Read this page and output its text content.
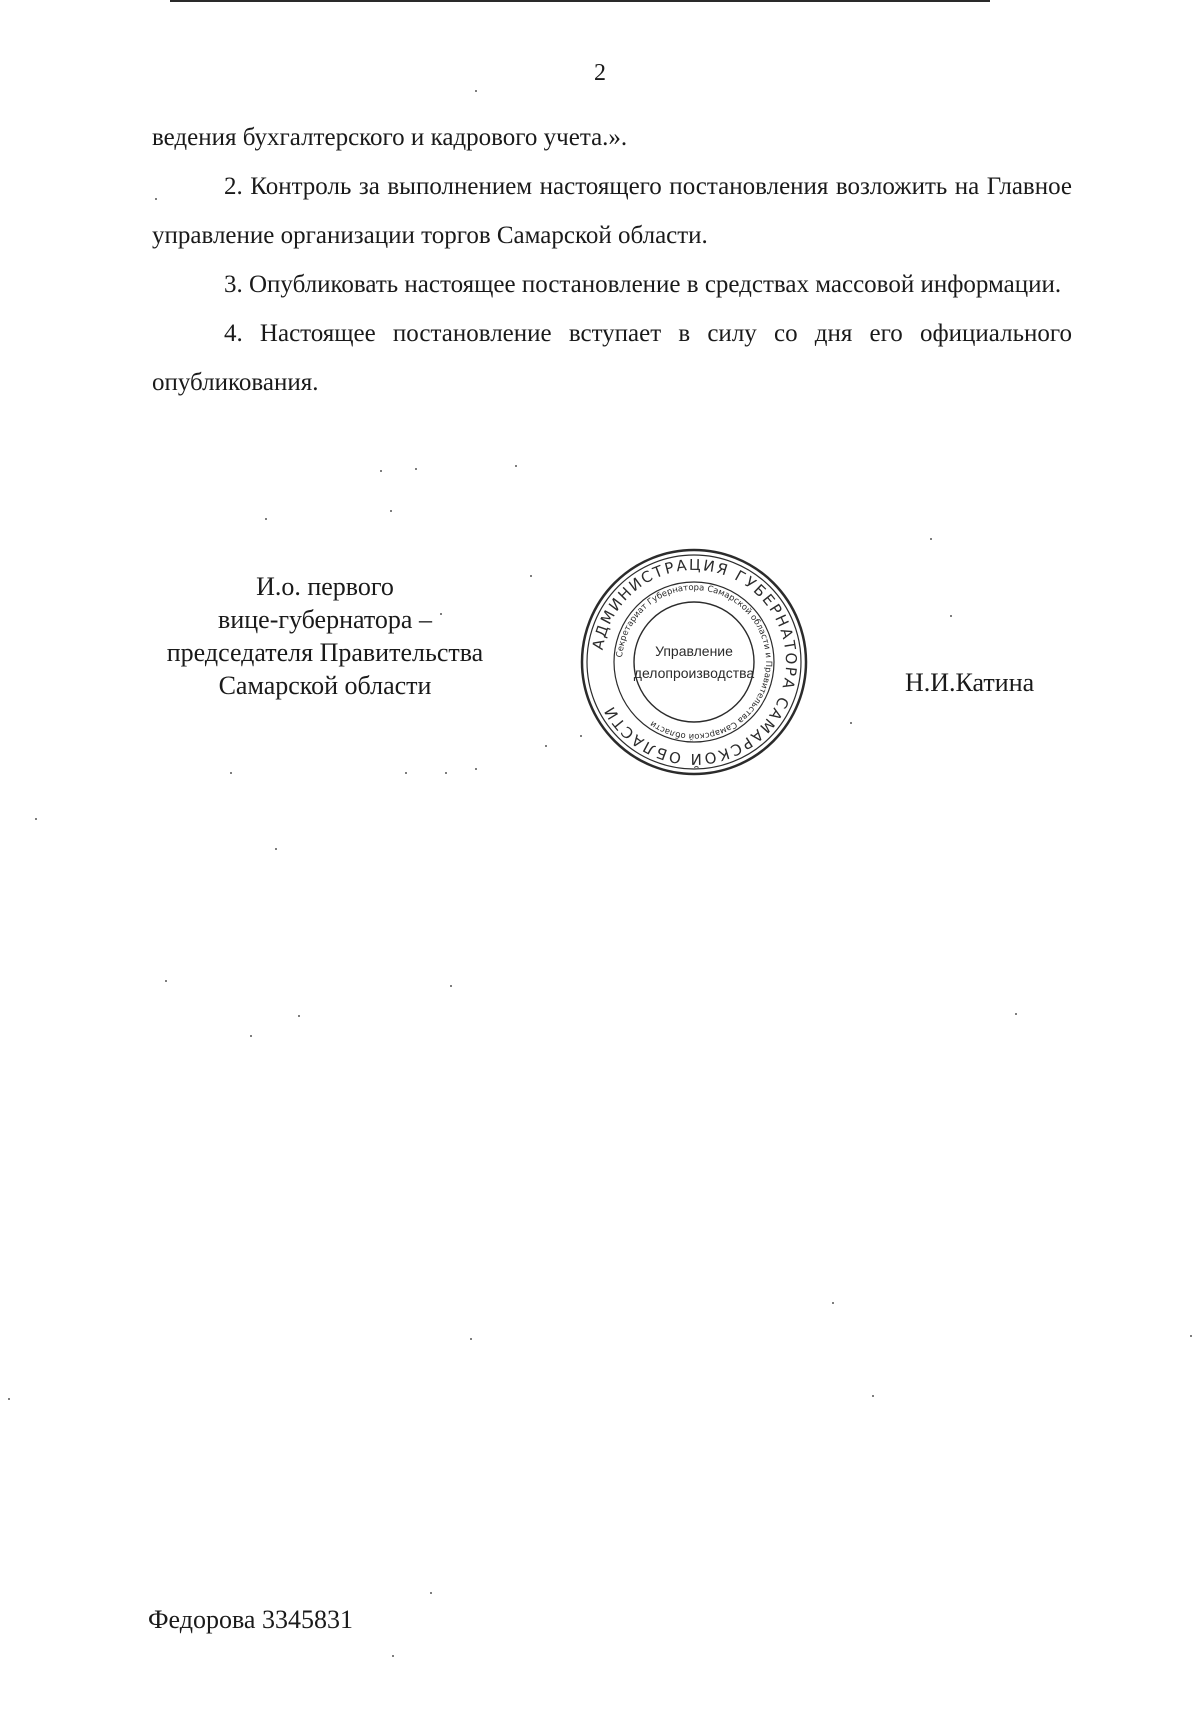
2

ведения бухгалтерского и кадрового учета.».

2. Контроль за выполнением настоящего постановления возложить на Главное управление организации торгов Самарской области.

3. Опубликовать настоящее постановление в средствах массовой информации.

4. Настоящее постановление вступает в силу со дня его официального опубликования.

И.о. первого
вице-губернатора –
председателя Правительства
Самарской области
АДМИНИСТРАЦИЯ ГУБЕРНАТОРА САМАРСКОЙ ОБЛАСТИ
Секретариат Губернатора Самарской области и Правительства Самарской области
Управление
делопроизводства	Н.И.Катина
Федорова 3345831
